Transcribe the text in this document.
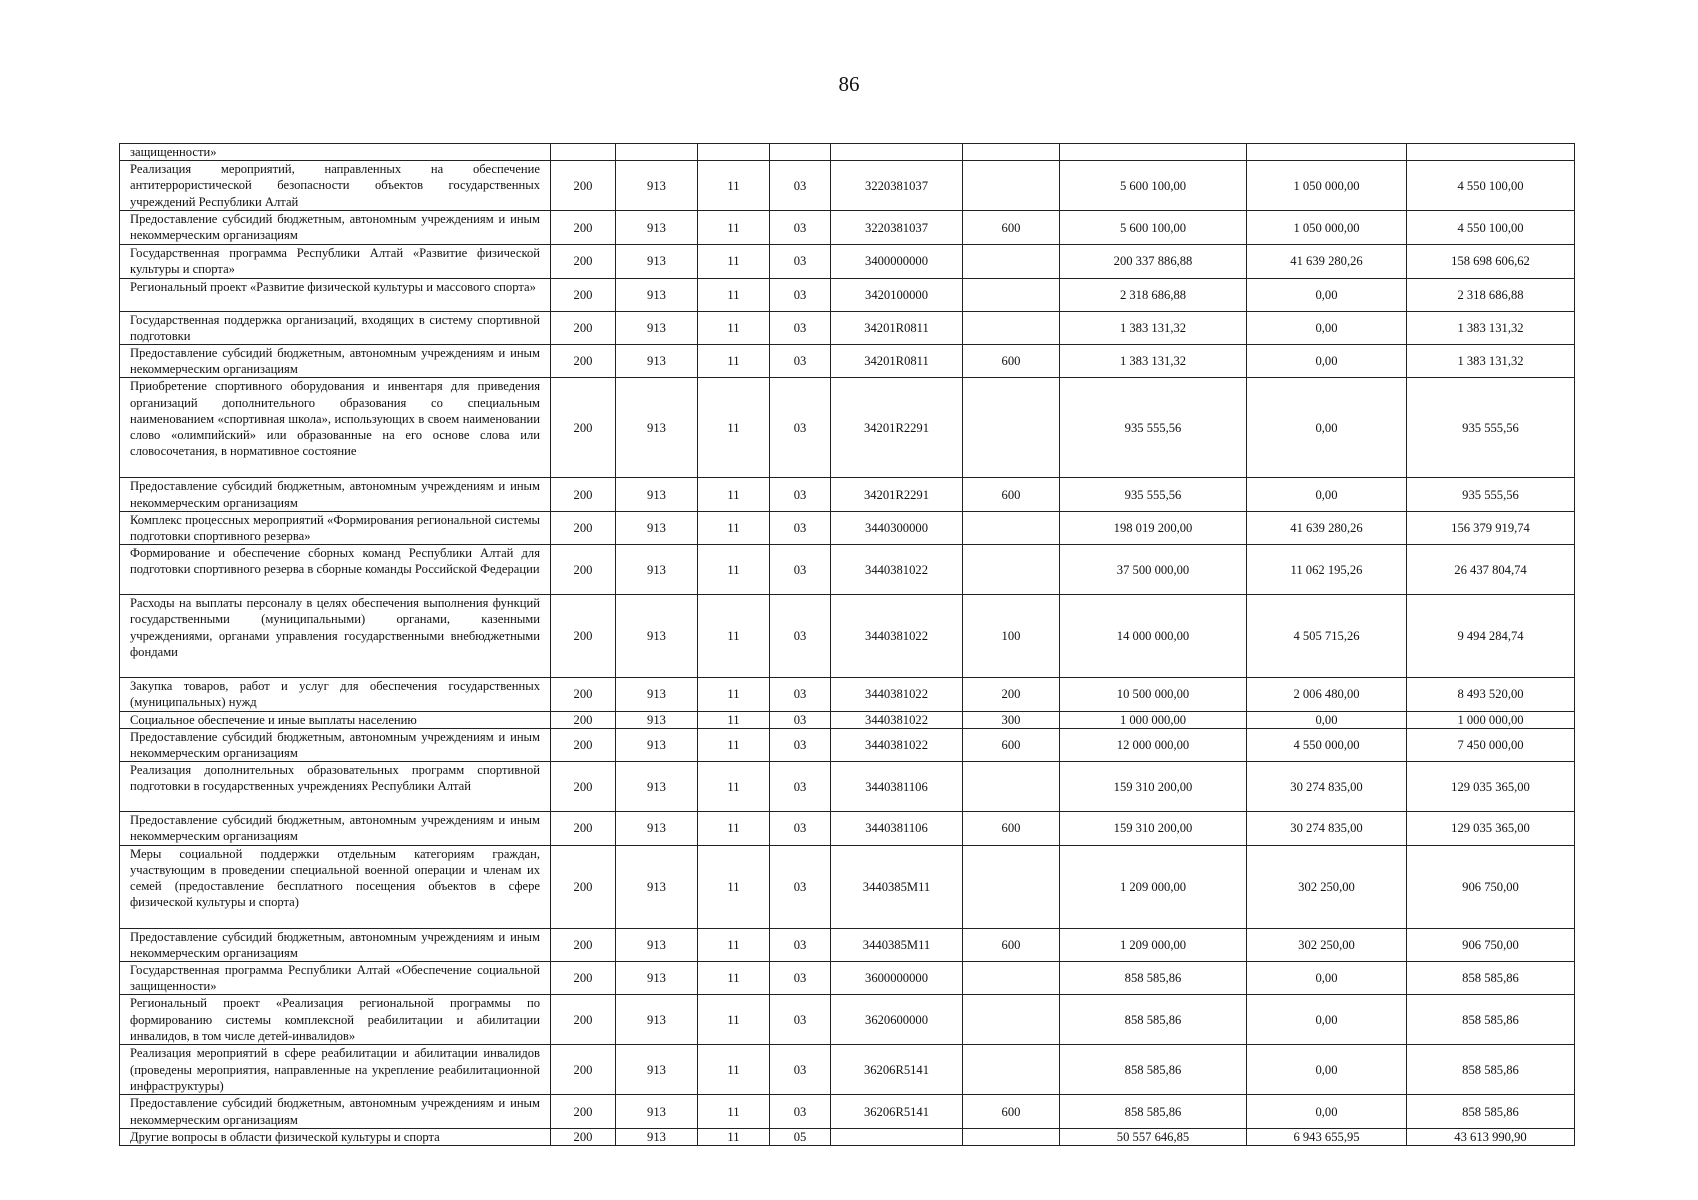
86
защищенности»									
Реализация мероприятий, направленных на обеспечение антитеррористической безопасности объектов государственных учреждений Республики Алтай	200	913	11	03	3220381037		5 600 100,00	1 050 000,00	4 550 100,00
Предоставление субсидий бюджетным, автономным учреждениям и иным некоммерческим организациям	200	913	11	03	3220381037	600	5 600 100,00	1 050 000,00	4 550 100,00
Государственная программа Республики Алтай «Развитие физической культуры и спорта»	200	913	11	03	3400000000		200 337 886,88	41 639 280,26	158 698 606,62
Региональный проект «Развитие физической культуры и массового спорта»	200	913	11	03	3420100000		2 318 686,88	0,00	2 318 686,88
Государственная поддержка организаций, входящих в систему спортивной подготовки	200	913	11	03	34201R0811		1 383 131,32	0,00	1 383 131,32
Предоставление субсидий бюджетным, автономным учреждениям и иным некоммерческим организациям	200	913	11	03	34201R0811	600	1 383 131,32	0,00	1 383 131,32
Приобретение спортивного оборудования и инвентаря для приведения организаций дополнительного образования со специальным наименованием «спортивная школа», использующих в своем наименовании слово «олимпийский» или образованные на его основе слова или словосочетания, в нормативное состояние	200	913	11	03	34201R2291		935 555,56	0,00	935 555,56
Предоставление субсидий бюджетным, автономным учреждениям и иным некоммерческим организациям	200	913	11	03	34201R2291	600	935 555,56	0,00	935 555,56
Комплекс процессных мероприятий «Формирования региональной системы подготовки спортивного резерва»	200	913	11	03	3440300000		198 019 200,00	41 639 280,26	156 379 919,74
Формирование и обеспечение сборных команд Республики Алтай для подготовки спортивного резерва в сборные команды Российской Федерации	200	913	11	03	3440381022		37 500 000,00	11 062 195,26	26 437 804,74
Расходы на выплаты персоналу в целях обеспечения выполнения функций государственными (муниципальными) органами, казенными учреждениями, органами управления государственными внебюджетными фондами	200	913	11	03	3440381022	100	14 000 000,00	4 505 715,26	9 494 284,74
Закупка товаров, работ и услуг для обеспечения государственных (муниципальных) нужд	200	913	11	03	3440381022	200	10 500 000,00	2 006 480,00	8 493 520,00
Социальное обеспечение и иные выплаты населению	200	913	11	03	3440381022	300	1 000 000,00	0,00	1 000 000,00
Предоставление субсидий бюджетным, автономным учреждениям и иным некоммерческим организациям	200	913	11	03	3440381022	600	12 000 000,00	4 550 000,00	7 450 000,00
Реализация дополнительных образовательных программ спортивной подготовки в государственных учреждениях Республики Алтай	200	913	11	03	3440381106		159 310 200,00	30 274 835,00	129 035 365,00
Предоставление субсидий бюджетным, автономным учреждениям и иным некоммерческим организациям	200	913	11	03	3440381106	600	159 310 200,00	30 274 835,00	129 035 365,00
Меры социальной поддержки отдельным категориям граждан, участвующим в проведении специальной военной операции и членам их семей (предоставление бесплатного посещения объектов в сфере физической культуры и спорта)	200	913	11	03	3440385М11		1 209 000,00	302 250,00	906 750,00
Предоставление субсидий бюджетным, автономным учреждениям и иным некоммерческим организациям	200	913	11	03	3440385М11	600	1 209 000,00	302 250,00	906 750,00
Государственная программа Республики Алтай «Обеспечение социальной защищенности»	200	913	11	03	3600000000		858 585,86	0,00	858 585,86
Региональный проект «Реализация региональной программы по формированию системы комплексной реабилитации и абилитации инвалидов, в том числе детей-инвалидов»	200	913	11	03	3620600000		858 585,86	0,00	858 585,86
Реализация мероприятий в сфере реабилитации и абилитации инвалидов (проведены мероприятия, направленные на укрепление реабилитационной инфраструктуры)	200	913	11	03	36206R5141		858 585,86	0,00	858 585,86
Предоставление субсидий бюджетным, автономным учреждениям и иным некоммерческим организациям	200	913	11	03	36206R5141	600	858 585,86	0,00	858 585,86
Другие вопросы в области физической культуры и спорта	200	913	11	05			50 557 646,85	6 943 655,95	43 613 990,90
